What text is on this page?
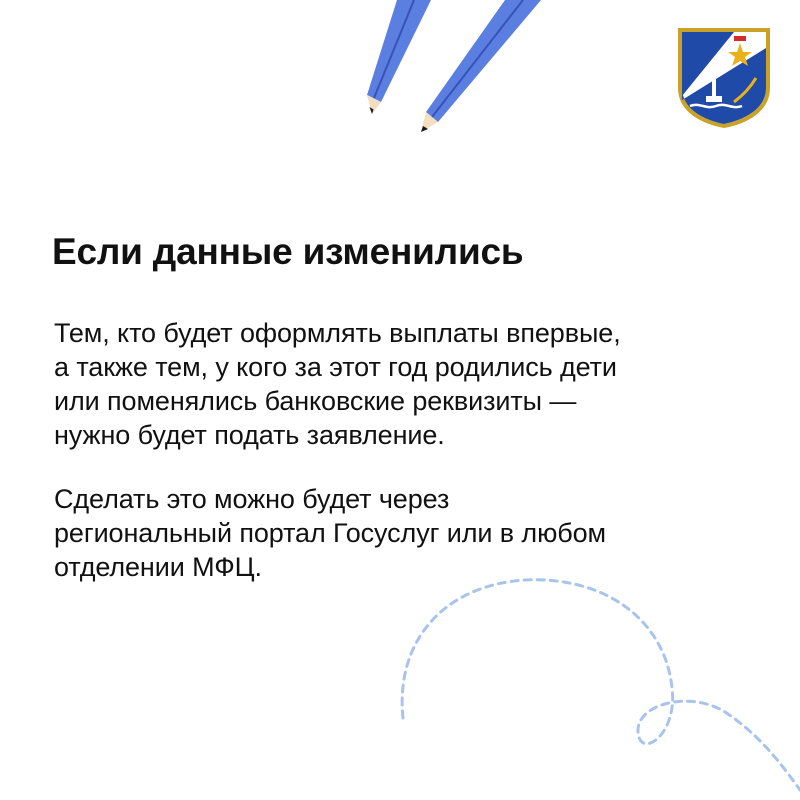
Если данные изменились

Тем, кто будет оформлять выплаты впервые,
а также тем, у кого за этот год родились дети
или поменялись банковские реквизиты —
нужно будет подать заявление.

Сделать это можно будет через
региональный портал Госуслуг или в любом
отделении МФЦ.
